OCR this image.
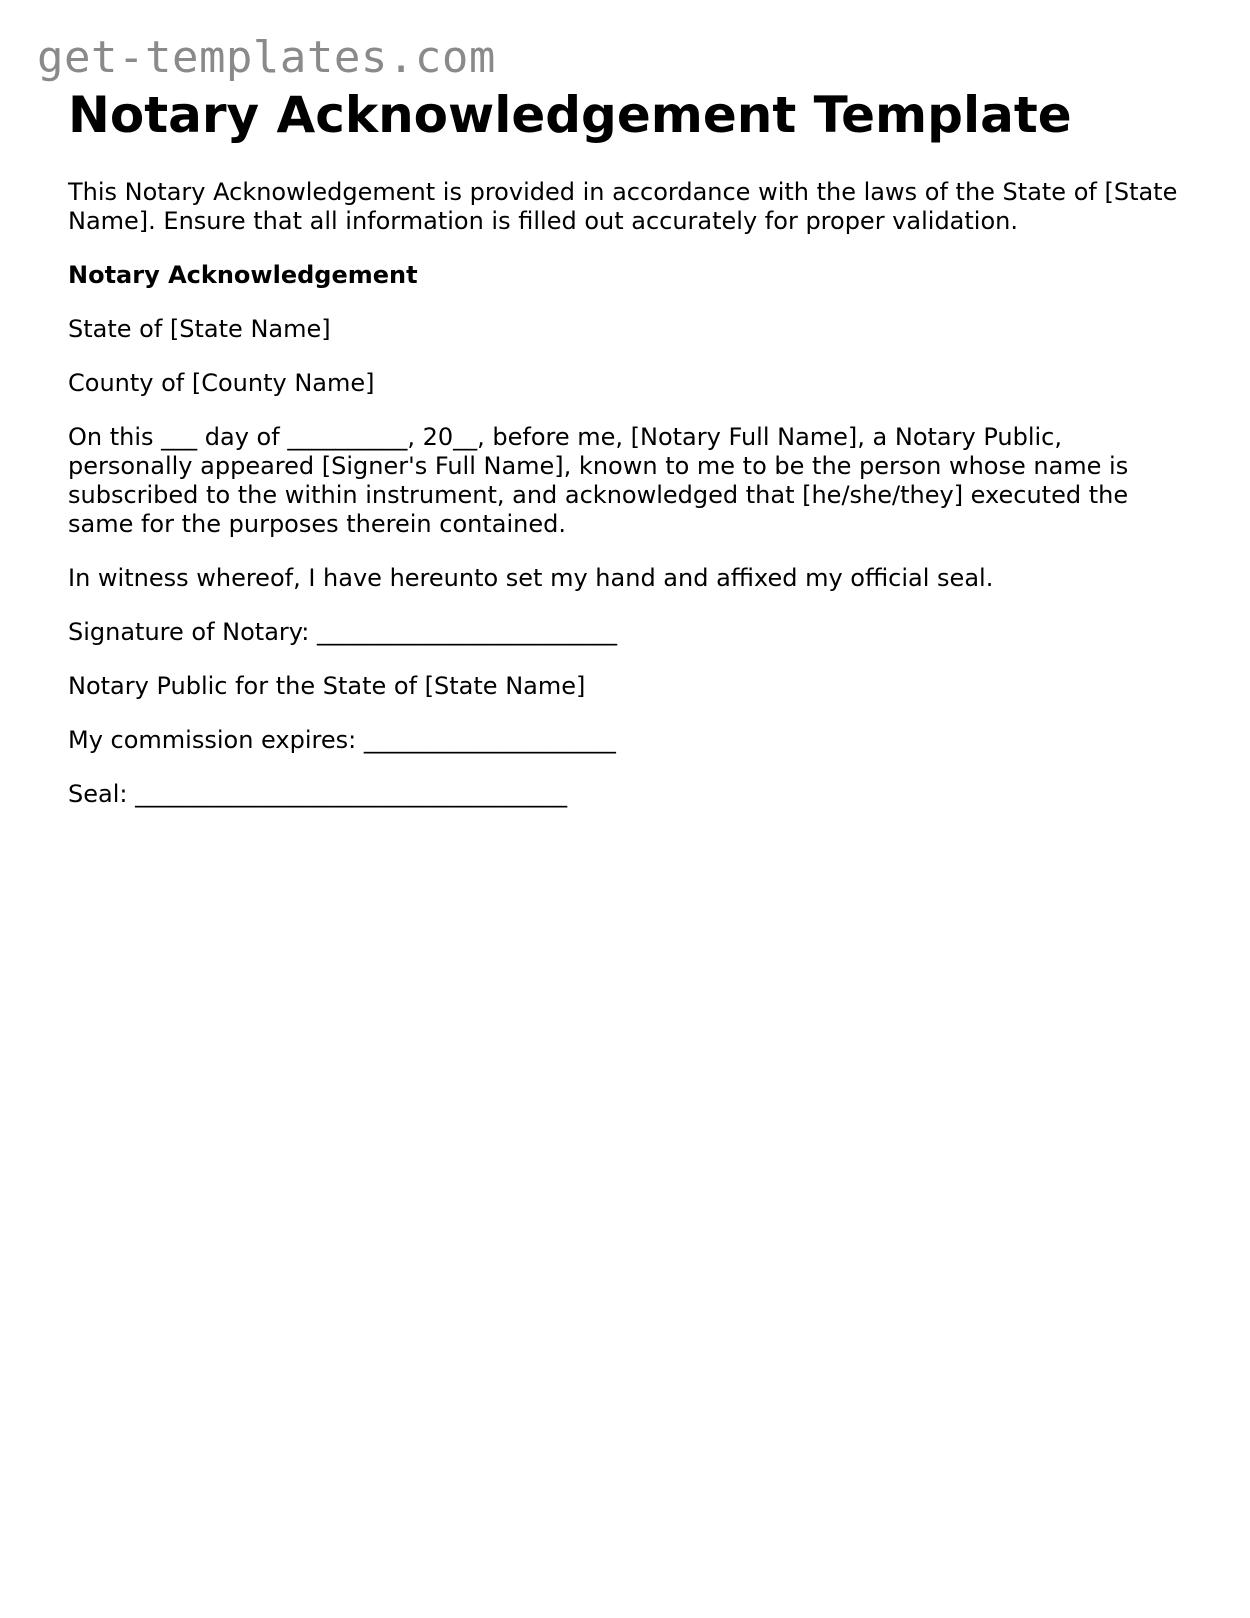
get-templates.com
Notary Acknowledgement Template

This Notary Acknowledgement is provided in accordance with the laws of the State of [State Name]. Ensure that all information is filled out accurately for proper validation.

Notary Acknowledgement

State of [State Name]

County of [County Name]

On this ___ day of __________, 20__, before me, [Notary Full Name], a Notary Public, personally appeared [Signer's Full Name], known to me to be the person whose name is subscribed to the within instrument, and acknowledged that [he/she/they] executed the same for the purposes therein contained.

In witness whereof, I have hereunto set my hand and affixed my official seal.

Signature of Notary: _________________________

Notary Public for the State of [State Name]

My commission expires: _____________________

Seal: ____________________________________
